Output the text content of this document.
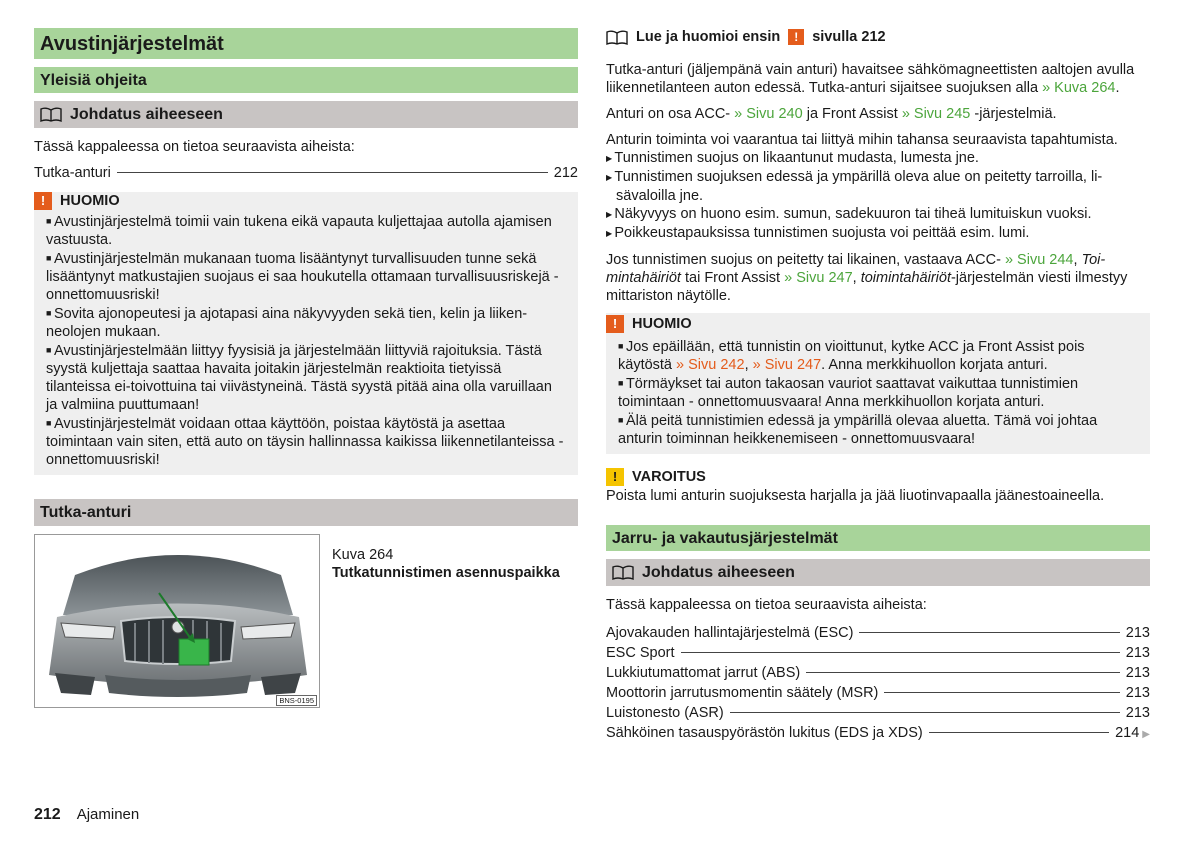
Avustinjärjestelmät
Yleisiä ohjeita
Johdatus aiheeseen

Tässä kappaleessa on tietoa seuraavista aiheista:

Tutka-anturi	212
!	HUOMIO
■ Avustinjärjestelmä toimii vain tukena eikä vapauta kuljettajaa autolla ajamisen vastuusta.
■ Avustinjärjestelmän mukanaan tuoma lisääntynyt turvallisuuden tunne sekä lisääntynyt matkustajien suojaus ei saa houkutella ottamaan turvallisuusriskejä - onnettomuusriski!
■ Sovita ajonopeutesi ja ajotapasi aina näkyvyyden sekä tien, kelin ja liikenneolojen mukaan.
■ Avustinjärjestelmään liittyy fyysisiä ja järjestelmään liittyviä rajoituksia. Tästä syystä kuljettaja saattaa havaita joitakin järjestelmän reaktioita tietyissä tilanteissa ei-toivottuina tai viivästyneinä. Tästä syystä pitää aina olla varuillaan ja valmiina puuttumaan!
■ Avustinjärjestelmät voidaan ottaa käyttöön, poistaa käytöstä ja asettaa toimintaan vain siten, että auto on täysin hallinnassa kaikissa liikennetilanteissa - onnettomuusriski!
Tutka-anturi
BNS-0195
Kuva 264
Tutkatunnistimen asennuspaikka
Lue ja huomioi ensin	! sivulla 212

Tutka-anturi (jäljempänä vain anturi) havaitsee sähkömagneettisten aaltojen avulla liikennetilanteen auton edessä. Tutka-anturi sijaitsee suojuksen alla » Kuva 264.

Anturi on osa ACC- » Sivu 240 ja Front Assist » Sivu 245 -järjestelmiä.

Anturin toiminta voi vaarantua tai liittyä mihin tahansa seuraavista tapahtumista.
▶ Tunnistimen suojus on likaantunut mudasta, lumesta jne.
▶ Tunnistimen suojuksen edessä ja ympärillä oleva alue on peitetty tarroilla, lisävaloilla jne.
▶ Näkyvyys on huono esim. sumun, sadekuuron tai tiheä lumituiskun vuoksi.
▶ Poikkeustapauksissa tunnistimen suojusta voi peittää esim. lumi.

Jos tunnistimen suojus on peitetty tai likainen, vastaava ACC- » Sivu 244, Toimintahäiriöt tai Front Assist » Sivu 247, toimintahäiriöt-järjestelmän viesti ilmestyy mittariston näytölle.

!	HUOMIO
■ Jos epäillään, että tunnistin on vioittunut, kytke ACC ja Front Assist pois käytöstä » Sivu 242, » Sivu 247. Anna merkkihuollon korjata anturi.
■ Törmäykset tai auton takaosan vauriot saattavat vaikuttaa tunnistimien toimintaan - onnettomuusvaara! Anna merkkihuollon korjata anturi.
■ Älä peitä tunnistimien edessä ja ympärillä olevaa aluetta. Tämä voi johtaa anturin toiminnan heikkenemiseen - onnettomuusvaara!
!	VAROITUS
Poista lumi anturin suojuksesta harjalla ja jää liuotinvapaalla jäänestoaineella.
Jarru- ja vakautusjärjestelmät
Johdatus aiheeseen

Tässä kappaleessa on tietoa seuraavista aiheista:

Ajovakauden hallintajärjestelmä (ESC)	213
ESC Sport	213
Lukkiutumattomat jarrut (ABS)	213
Moottorin jarrutusmomentin säätely (MSR)	213
Luistonesto (ASR)	213
Sähköinen tasauspyörästön lukitus (EDS ja XDS)	214 ▶
212 Ajaminen
